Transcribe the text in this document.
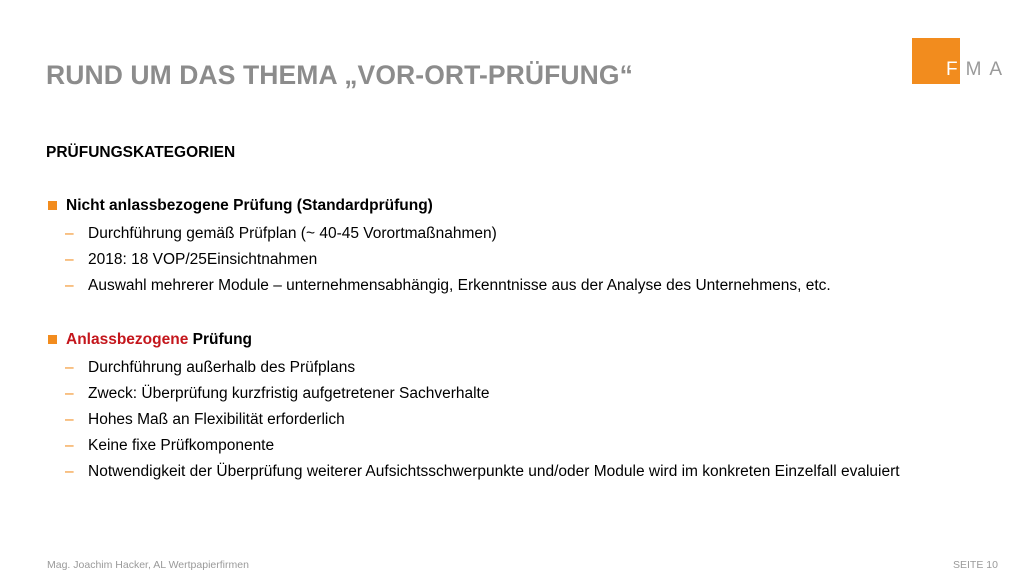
RUND UM DAS THEMA „VOR-ORT-PRÜFUNG“	FMA
PRÜFUNGSKATEGORIEN
Nicht anlassbezogene Prüfung (Standardprüfung)
– Durchführung gemäß Prüfplan (~ 40-45 Vorortmaßnahmen)
– 2018: 18 VOP/25Einsichtnahmen
– Auswahl mehrerer Module – unternehmensabhängig, Erkenntnisse aus der Analyse des Unternehmens, etc.
Anlassbezogene Prüfung
– Durchführung außerhalb des Prüfplans
– Zweck: Überprüfung kurzfristig aufgetretener Sachverhalte
– Hohes Maß an Flexibilität erforderlich
– Keine fixe Prüfkomponente
– Notwendigkeit der Überprüfung weiterer Aufsichtsschwerpunkte und/oder Module wird im konkreten Einzelfall evaluiert
Mag. Joachim Hacker, AL Wertpapierfirmen	SEITE 10
